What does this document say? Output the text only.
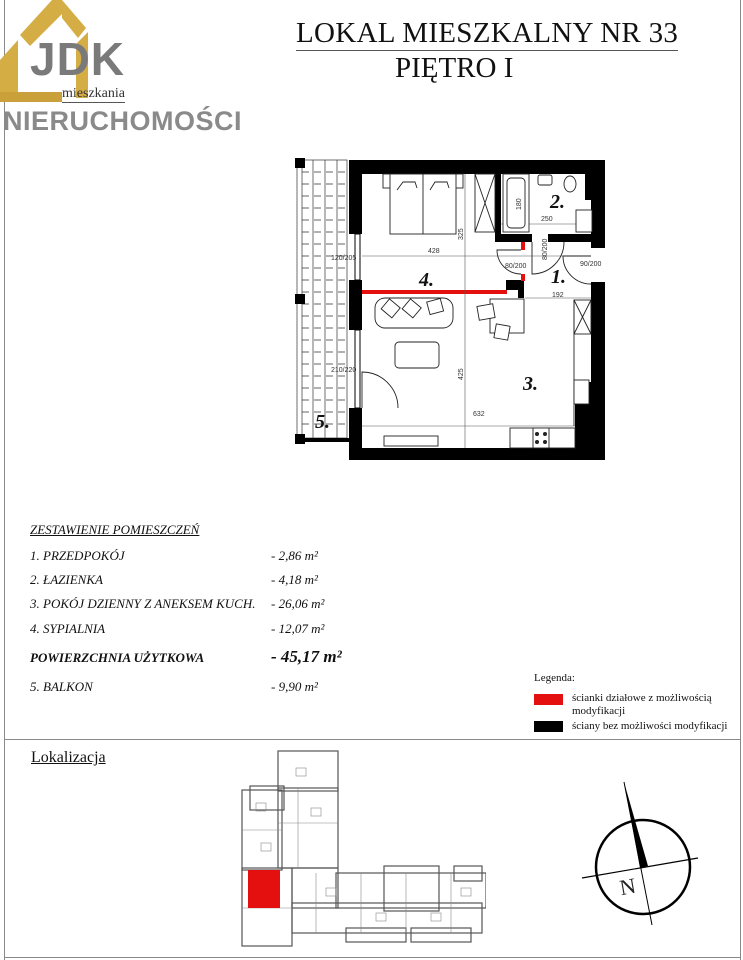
JDK
mieszkania
NIERUCHOMOŚCI
LOKAL MIESZKALNY NR 33
PIĘTRO I
428
325
250
180
192
632
425
80/200
80/200
90/200
120/205
210/220
1.
2.
3.
4.
5.
ZESTAWIENIE POMIESZCZEŃ
1. PRZEDPOKÓJ	- 2,86 m²
2. ŁAZIENKA	- 4,18 m²
3. POKÓJ DZIENNY Z ANEKSEM KUCH. - 26,06 m²
4. SYPIALNIA	- 12,07 m²
POWIERZCHNIA UŻYTKOWA	- 45,17 m²
5. BALKON	- 9,90 m²
Legenda:
ścianki działowe z możliwością
modyfikacji
ściany bez możliwości modyfikacji
Lokalizacja
N
